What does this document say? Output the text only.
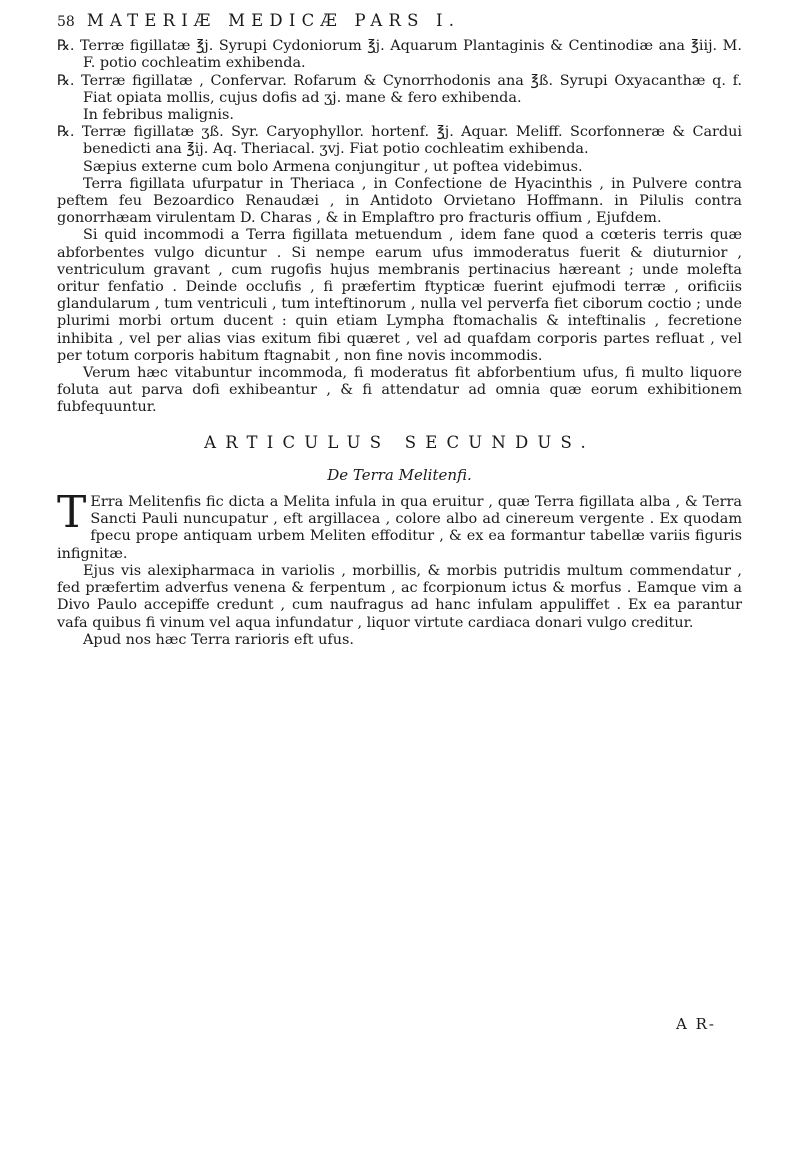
58 MATERIÆ MEDICÆ PARS I.

℞. Terræ figillatæ ℥j. Syrupi Cydoniorum ℥j. Aquarum Plantaginis & Centinodiæ ana ℥iij. M. F. potio cochleatim exhibenda.

℞. Terræ figillatæ , Confervar. Rofarum & Cynorrhodonis ana ℥ß. Syrupi Oxyacanthæ q. f. Fiat opiata mollis, cujus dofis ad ʒj. mane & fero exhibenda.

In febribus malignis.

℞. Terræ figillatæ ʒß. Syr. Caryophyllor. hortenf. ℥j. Aquar. Meliff. Scorfonneræ & Cardui benedicti ana ℥ij. Aq. Theriacal. ʒvj. Fiat potio cochleatim exhibenda.

Sæpius externe cum bolo Armena conjungitur , ut poftea videbimus.

Terra figillata ufurpatur in Theriaca , in Confectione de Hyacinthis , in Pulvere contra peftem feu Bezoardico Renaudæi , in Antidoto Orvietano Hoffmann. in Pilulis contra gonorrhæam virulentam D. Charas , & in Emplaftro pro fracturis offium , Ejufdem.

Si quid incommodi a Terra figillata metuendum , idem fane quod a cœteris terris quæ abforbentes vulgo dicuntur . Si nempe earum ufus immoderatus fuerit & diuturnior , ventriculum gravant , cum rugofis hujus membranis pertinacius hæreant ; unde molefta oritur fenfatio . Deinde occlufis , fi præfertim ftypticæ fuerint ejufmodi terræ , orificiis glandularum , tum ventriculi , tum inteftinorum , nulla vel perverfa fiet ciborum coctio ; unde plurimi morbi ortum ducent : quin etiam Lympha ftomachalis & inteftinalis , fecretione inhibita , vel per alias vias exitum fibi quæret , vel ad quafdam corporis partes refluat , vel per totum corporis habitum ftagnabit , non fine novis incommodis.

Verum hæc vitabuntur incommoda, fi moderatus fit abforbentium ufus, fi multo liquore foluta aut parva dofi exhibeantur , & fi attendatur ad omnia quæ eorum exhibitionem fubfequuntur.

ARTICULUS SECUNDUS.
De Terra Melitenfi.

T Erra Melitenfis fic dicta a Melita infula in qua eruitur , quæ Terra figillata alba , & Terra Sancti Pauli nuncupatur , eft argillacea , colore albo ad cinereum vergente . Ex quodam fpecu prope antiquam urbem Meliten effoditur , & ex ea formantur tabellæ variis figuris infignitæ.

Ejus vis alexipharmaca in variolis , morbillis, & morbis putridis multum commendatur , fed præfertim adverfus venena & ferpentum , ac fcorpionum ictus & morfus . Eamque vim a Divo Paulo accepiffe credunt , cum naufragus ad hanc infulam appuliffet . Ex ea parantur vafa quibus fi vinum vel aqua infundatur , liquor virtute cardiaca donari vulgo creditur.

Apud nos hæc Terra rarioris eft ufus.

A R-
